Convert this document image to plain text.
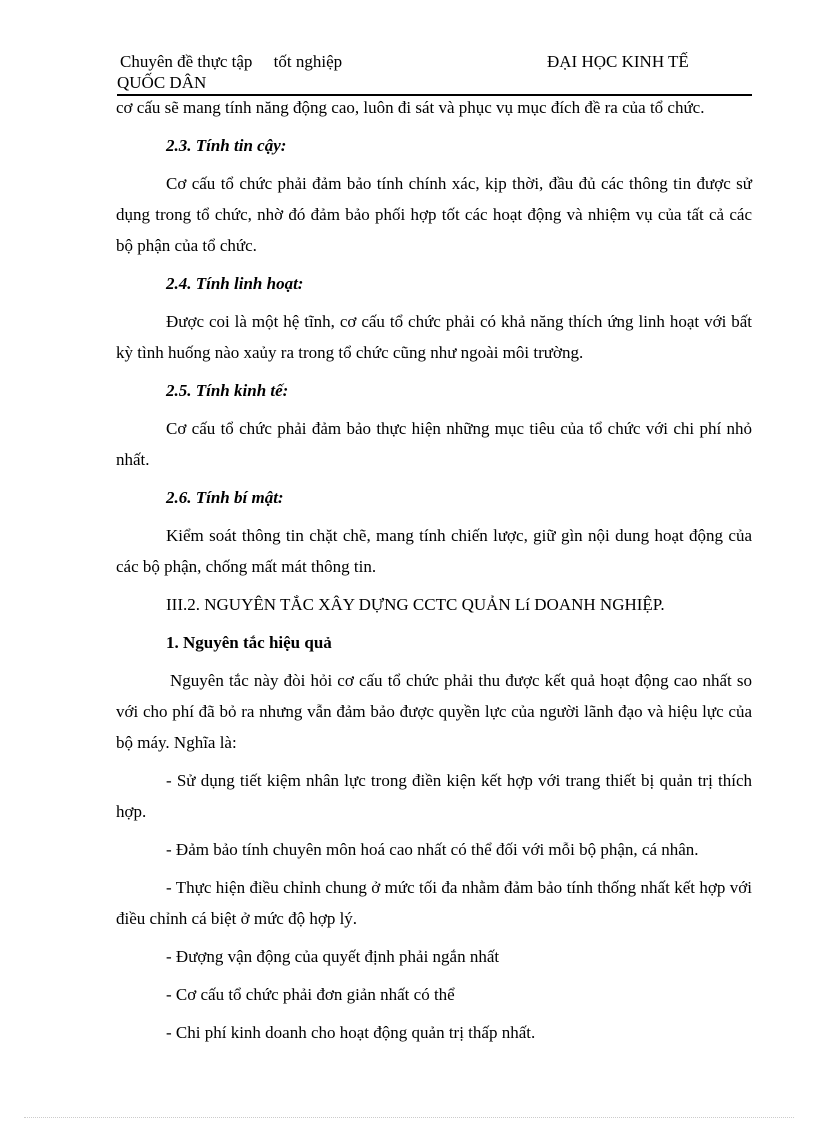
Chuyên đề thực tập     tốt nghiệp	ĐẠI HỌC KINH TẾ
QUỐC DÂN

cơ cấu sẽ mang tính năng động cao, luôn đi sát và phục vụ mục đích đề ra của tổ chức.

2.3. Tính tin cậy:

Cơ cấu tổ chức phải đảm bảo tính chính xác, kịp thời, đầu đủ các thông tin được sử dụng trong tổ chức, nhờ đó đảm bảo phối hợp tốt các hoạt động và nhiệm vụ của tất cả các bộ phận của tổ chức.

2.4. Tính linh hoạt:

Được coi là một hệ tĩnh, cơ cấu tổ chức phải có khả năng thích ứng linh hoạt với bất kỳ tình huống nào xaủy ra trong tổ chức cũng như ngoài môi trường.

2.5. Tính kinh tế:

Cơ cấu tổ chức phải đảm bảo thực hiện những mục tiêu của tổ chức với chi phí nhỏ nhất.

2.6. Tính bí mật:

Kiểm soát thông tin chặt chẽ, mang tính chiến lược, giữ gìn nội dung hoạt động của các bộ phận, chống mất mát thông tin.

III.2. NGUYÊN TẮC XÂY DỰNG CCTC QUẢN Lí DOANH NGHIỆP.

1. Nguyên tắc hiệu quả

Nguyên tắc này đòi hỏi cơ cấu tổ chức phải thu được kết quả hoạt động cao nhất so với cho phí đã bỏ ra nhưng vẫn đảm bảo được quyền lực của người lãnh đạo và hiệu lực của bộ máy. Nghĩa là:

- Sử dụng tiết kiệm nhân lực trong điền kiện kết hợp với trang thiết bị quản trị thích hợp.

- Đảm bảo tính chuyên môn hoá cao nhất có thể đối với mỗi bộ phận, cá nhân.

- Thực hiện điều chỉnh chung ở mức tối đa nhằm đảm bảo tính thống nhất kết hợp với điều chỉnh cá biệt ở mức độ hợp lý.

- Đượng vận động của quyết định phải ngắn nhất

- Cơ cấu tổ chức phải đơn giản nhất có thể

- Chi phí kinh doanh cho hoạt động quản trị thấp nhất.
